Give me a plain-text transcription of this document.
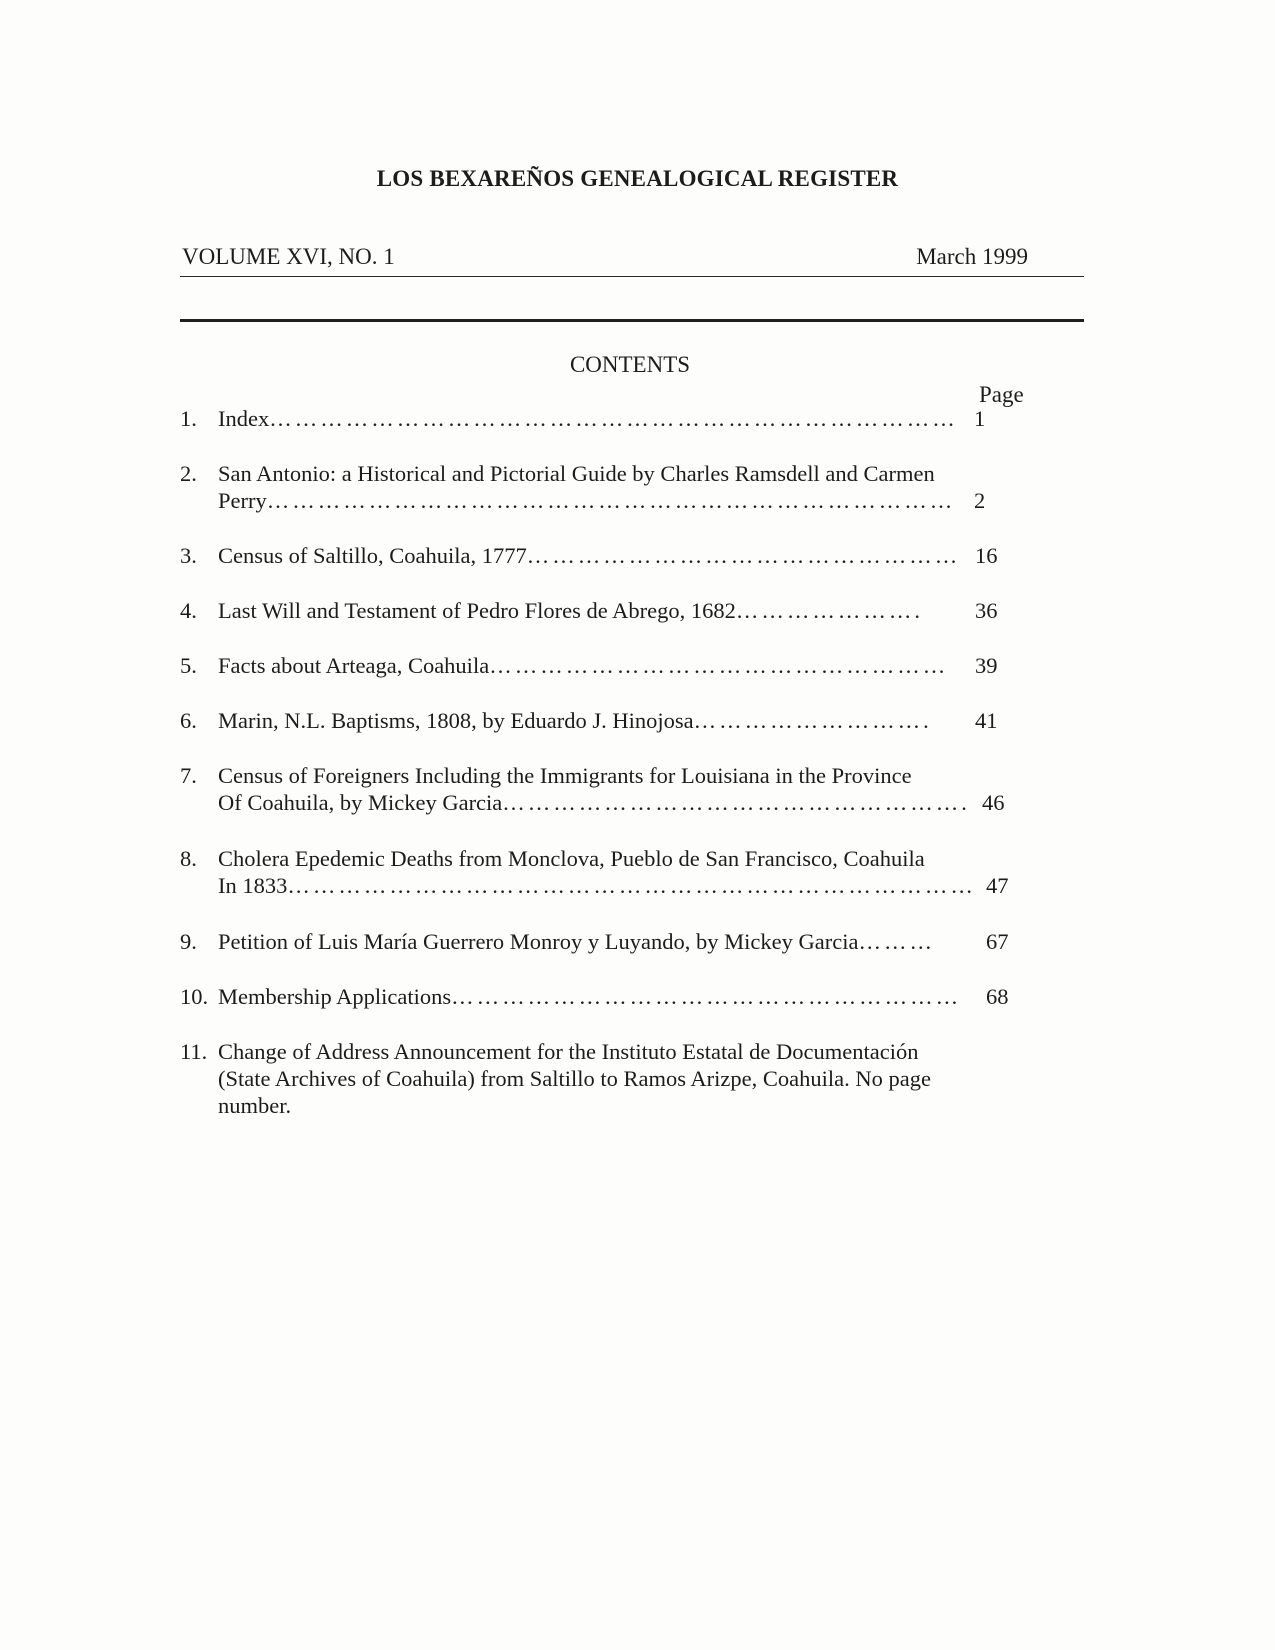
LOS BEXAREÑOS GENEALOGICAL REGISTER
VOLUME XVI, NO. 1	March 1999
CONTENTS
Page
1. Index……………………………………………………………………… 1
2. San Antonio: a Historical and Pictorial Guide by Charles Ramsdell and Carmen
Perry……………………………………………………………………… 2
3. Census of Saltillo, Coahuila, 1777…………………………………………… 16
4. Last Will and Testament of Pedro Flores de Abrego, 1682…………………. 36
5. Facts about Arteaga, Coahuila……………………………………………… 39
6. Marin, N.L. Baptisms, 1808, by Eduardo J. Hinojosa………………………. 41
7. Census of Foreigners Including the Immigrants for Louisiana in the Province
Of Coahuila, by Mickey Garcia………………………………………………. 46
8. Cholera Epedemic Deaths from Monclova, Pueblo de San Francisco, Coahuila
In 1833……………………………………………………………………… 47
9. Petition of Luis María Guerrero Monroy y Luyando, by Mickey Garcia……… 67
10. Membership Applications…………………………………………………… 68
11. Change of Address Announcement for the Instituto Estatal de Documentación
(State Archives of Coahuila) from Saltillo to Ramos Arizpe, Coahuila. No page
number.
